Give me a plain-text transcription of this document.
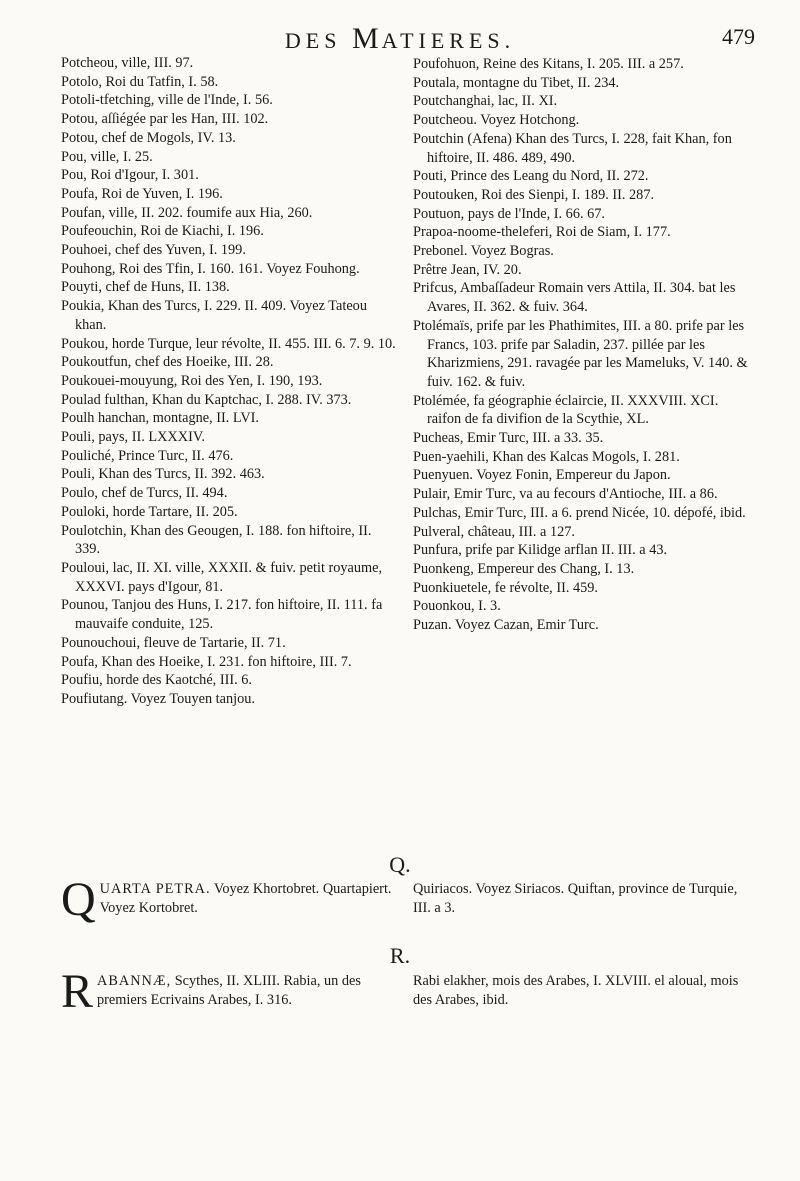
DES MATIERES.	479

Potcheou, ville, III. 97.

Potolo, Roi du Tatfin, I. 58.

Potoli-tfetching, ville de l'Inde, I. 56.

Potou, aſſiégée par les Han, III. 102.

Potou, chef de Mogols, IV. 13.

Pou, ville, I. 25.

Pou, Roi d'Igour, I. 301.

Poufa, Roi de Yuven, I. 196.

Poufan, ville, II. 202. foumife aux Hia, 260.

Poufeouchin, Roi de Kiachi, I. 196.

Pouhoei, chef des Yuven, I. 199.

Pouhong, Roi des Tfin, I. 160. 161. Voyez Fouhong.

Pouyti, chef de Huns, II. 138.

Poukia, Khan des Turcs, I. 229. II. 409. Voyez Tateou khan.

Poukou, horde Turque, leur révolte, II. 455. III. 6. 7. 9. 10.

Poukoutfun, chef des Hoeike, III. 28.

Poukouei-mouyung, Roi des Yen, I. 190, 193.

Poulad fulthan, Khan du Kaptchac, I. 288. IV. 373.

Poulh hanchan, montagne, II. LVI.

Pouli, pays, II. LXXXIV.

Pouliché, Prince Turc, II. 476.

Pouli, Khan des Turcs, II. 392. 463.

Poulo, chef de Turcs, II. 494.

Pouloki, horde Tartare, II. 205.

Poulotchin, Khan des Geougen, I. 188. fon hiftoire, II. 339.

Pouloui, lac, II. XI. ville, XXXII. & fuiv. petit royaume, XXXVI. pays d'Igour, 81.

Pounou, Tanjou des Huns, I. 217. fon hiftoire, II. 111. fa mauvaife conduite, 125.

Pounouchoui, fleuve de Tartarie, II. 71.

Poufa, Khan des Hoeike, I. 231. fon hiftoire, III. 7.

Poufiu, horde des Kaotché, III. 6.

Poufiutang. Voyez Touyen tanjou.

Poufohuon, Reine des Kitans, I. 205. III. a 257.

Poutala, montagne du Tibet, II. 234.

Poutchanghai, lac, II. XI.

Poutcheou. Voyez Hotchong.

Poutchin (Afena) Khan des Turcs, I. 228, fait Khan, fon hiftoire, II. 486. 489, 490.

Pouti, Prince des Leang du Nord, II. 272.

Poutouken, Roi des Sienpi, I. 189. II. 287.

Poutuon, pays de l'Inde, I. 66. 67.

Prapoa-noome-theleferi, Roi de Siam, I. 177.

Prebonel. Voyez Bogras.

Prêtre Jean, IV. 20.

Prifcus, Ambaſſadeur Romain vers Attila, II. 304. bat les Avares, II. 362. & fuiv. 364.

Ptolémaïs, prife par les Phathimites, III. a 80. prife par les Francs, 103. prife par Saladin, 237. pillée par les Kharizmiens, 291. ravagée par les Mameluks, V. 140. & fuiv. 162. & fuiv.

Ptolémée, fa géographie éclaircie, II. XXXVIII. XCI. raifon de fa divifion de la Scythie, XL.

Pucheas, Emir Turc, III. a 33. 35.

Puen-yaehili, Khan des Kalcas Mogols, I. 281.

Puenyuen. Voyez Fonin, Empereur du Japon.

Pulair, Emir Turc, va au fecours d'Antioche, III. a 86.

Pulchas, Emir Turc, III. a 6. prend Nicée, 10. dépofé, ibid.

Pulveral, château, III. a 127.

Punfura, prife par Kilidge arflan II. III. a 43.

Puonkeng, Empereur des Chang, I. 13.

Puonkiuetele, fe révolte, II. 459.

Pouonkou, I. 3.

Puzan. Voyez Cazan, Emir Turc.

Q.

QUARTA PETRA. Voyez Khortobret. Quartapiert. Voyez Kortobret.

Quiriacos. Voyez Siriacos. Quiftan, province de Turquie, III. a 3.

R.

RABANNÆ, Scythes, II. XLIII. Rabia, un des premiers Ecrivains Arabes, I. 316.

Rabi elakher, mois des Arabes, I. XLVIII. el aloual, mois des Arabes, ibid.
